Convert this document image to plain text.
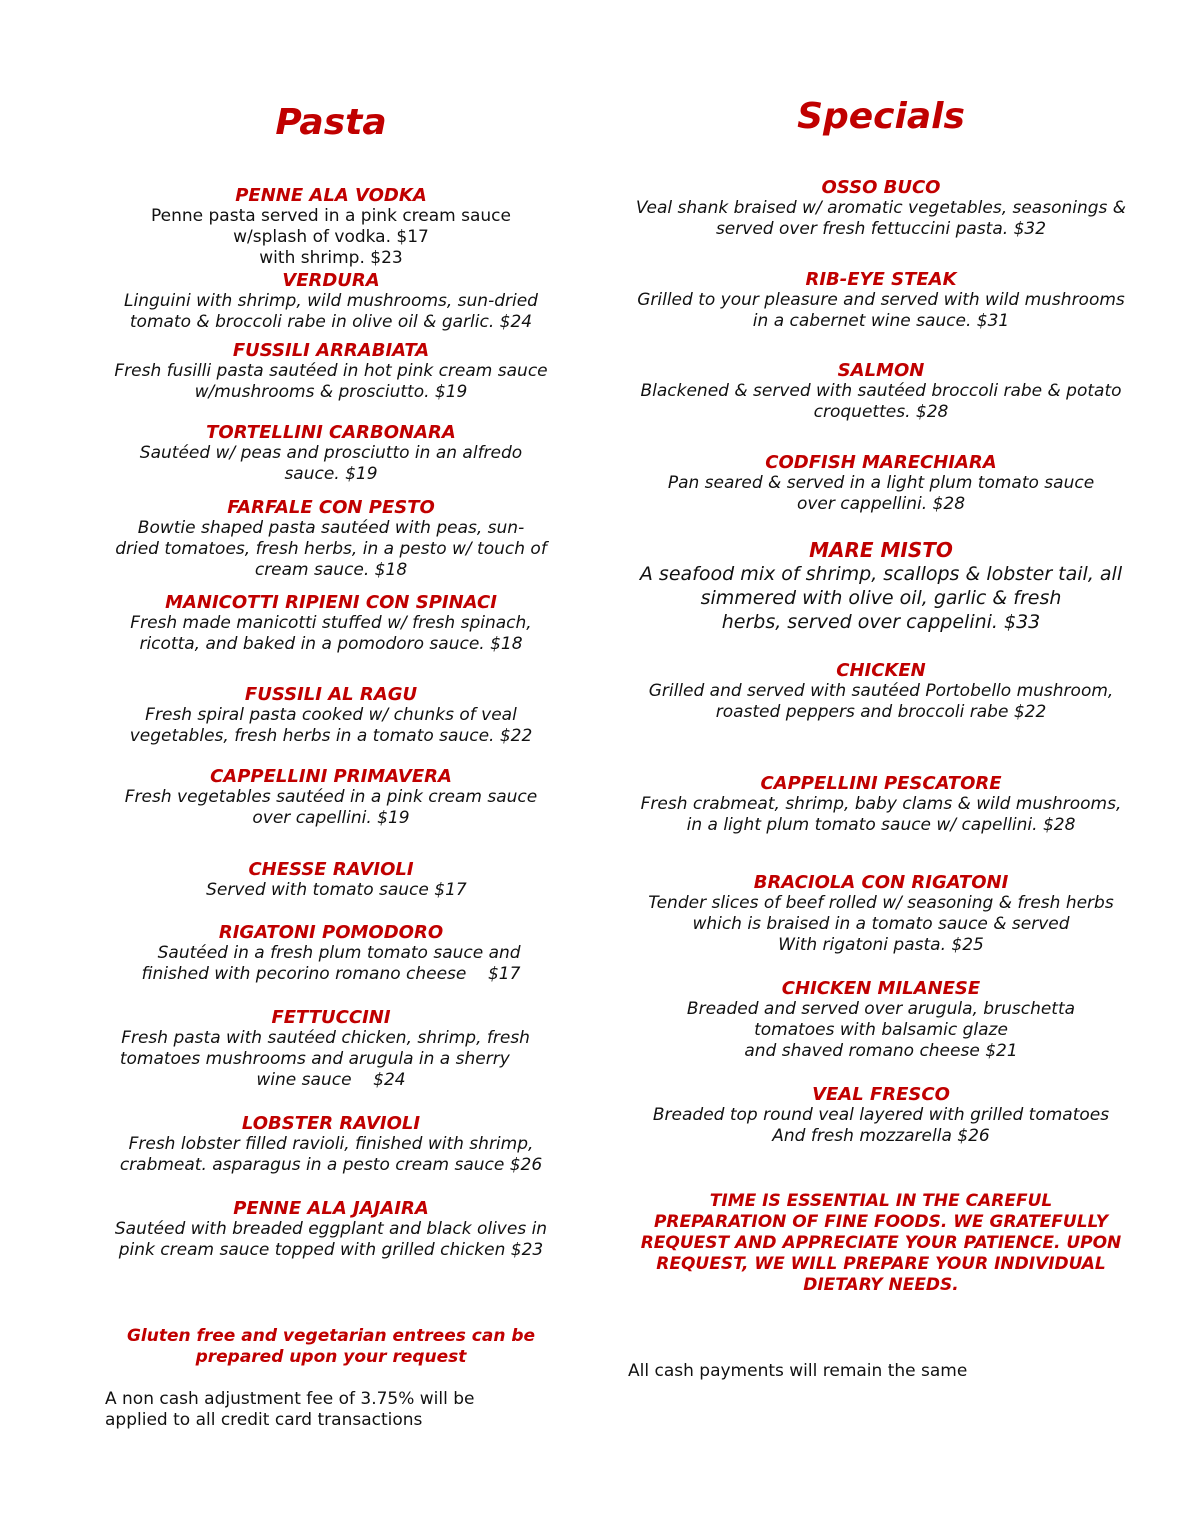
Pasta	Specials
PENNE ALA VODKA
Penne pasta served in a pink cream sauce
w/splash of vodka. $17
with shrimp. $23
VERDURA
Linguini with shrimp, wild mushrooms, sun-dried
tomato & broccoli rabe in olive oil & garlic. $24
FUSSILI ARRABIATA
Fresh fusilli pasta sautéed in hot pink cream sauce
w/mushrooms & prosciutto. $19
TORTELLINI CARBONARA
Sautéed w/ peas and prosciutto in an alfredo
sauce. $19
FARFALE CON PESTO
Bowtie shaped pasta sautéed with peas, sun-
dried tomatoes, fresh herbs, in a pesto w/ touch of
cream sauce. $18
MANICOTTI RIPIENI CON SPINACI
Fresh made manicotti stuffed w/ fresh spinach,
ricotta, and baked in a pomodoro sauce. $18
FUSSILI AL RAGU
Fresh spiral pasta cooked w/ chunks of veal
vegetables, fresh herbs in a tomato sauce. $22
CAPPELLINI PRIMAVERA
Fresh vegetables sautéed in a pink cream sauce
over capellini. $19
CHESSE RAVIOLI
Served with tomato sauce $17
RIGATONI POMODORO
Sautéed in a fresh plum tomato sauce and
finished with pecorino romano cheese    $17
FETTUCCINI
Fresh pasta with sautéed chicken, shrimp, fresh
tomatoes mushrooms and arugula in a sherry
wine sauce    $24
LOBSTER RAVIOLI
Fresh lobster filled ravioli, finished with shrimp,
crabmeat. asparagus in a pesto cream sauce $26
PENNE ALA JAJAIRA
Sautéed with breaded eggplant and black olives in
pink cream sauce topped with grilled chicken $23
OSSO BUCO
Veal shank braised w/ aromatic vegetables, seasonings &
served over fresh fettuccini pasta. $32
RIB-EYE STEAK
Grilled to your pleasure and served with wild mushrooms
in a cabernet wine sauce. $31
SALMON
Blackened & served with sautéed broccoli rabe & potato
croquettes. $28
CODFISH MARECHIARA
Pan seared & served in a light plum tomato sauce
over cappellini. $28
MARE MISTO
A seafood mix of shrimp, scallops & lobster tail, all
simmered with olive oil, garlic & fresh
herbs, served over cappelini. $33
CHICKEN
Grilled and served with sautéed Portobello mushroom,
roasted peppers and broccoli rabe $22
CAPPELLINI PESCATORE
Fresh crabmeat, shrimp, baby clams & wild mushrooms,
in a light plum tomato sauce w/ capellini. $28
BRACIOLA CON RIGATONI
Tender slices of beef rolled w/ seasoning & fresh herbs
which is braised in a tomato sauce & served
With rigatoni pasta. $25
CHICKEN MILANESE
Breaded and served over arugula, bruschetta
tomatoes with balsamic glaze
and shaved romano cheese $21
VEAL FRESCO
Breaded top round veal layered with grilled tomatoes
And fresh mozzarella $26
Gluten free and vegetarian entrees can be
prepared upon your request
A non cash adjustment fee of 3.75% will be
applied to all credit card transactions
TIME IS ESSENTIAL IN THE CAREFUL
PREPARATION OF FINE FOODS. WE GRATEFULLY
REQUEST AND APPRECIATE YOUR PATIENCE. UPON
REQUEST, WE WILL PREPARE YOUR INDIVIDUAL
DIETARY NEEDS.
All cash payments will remain the same
